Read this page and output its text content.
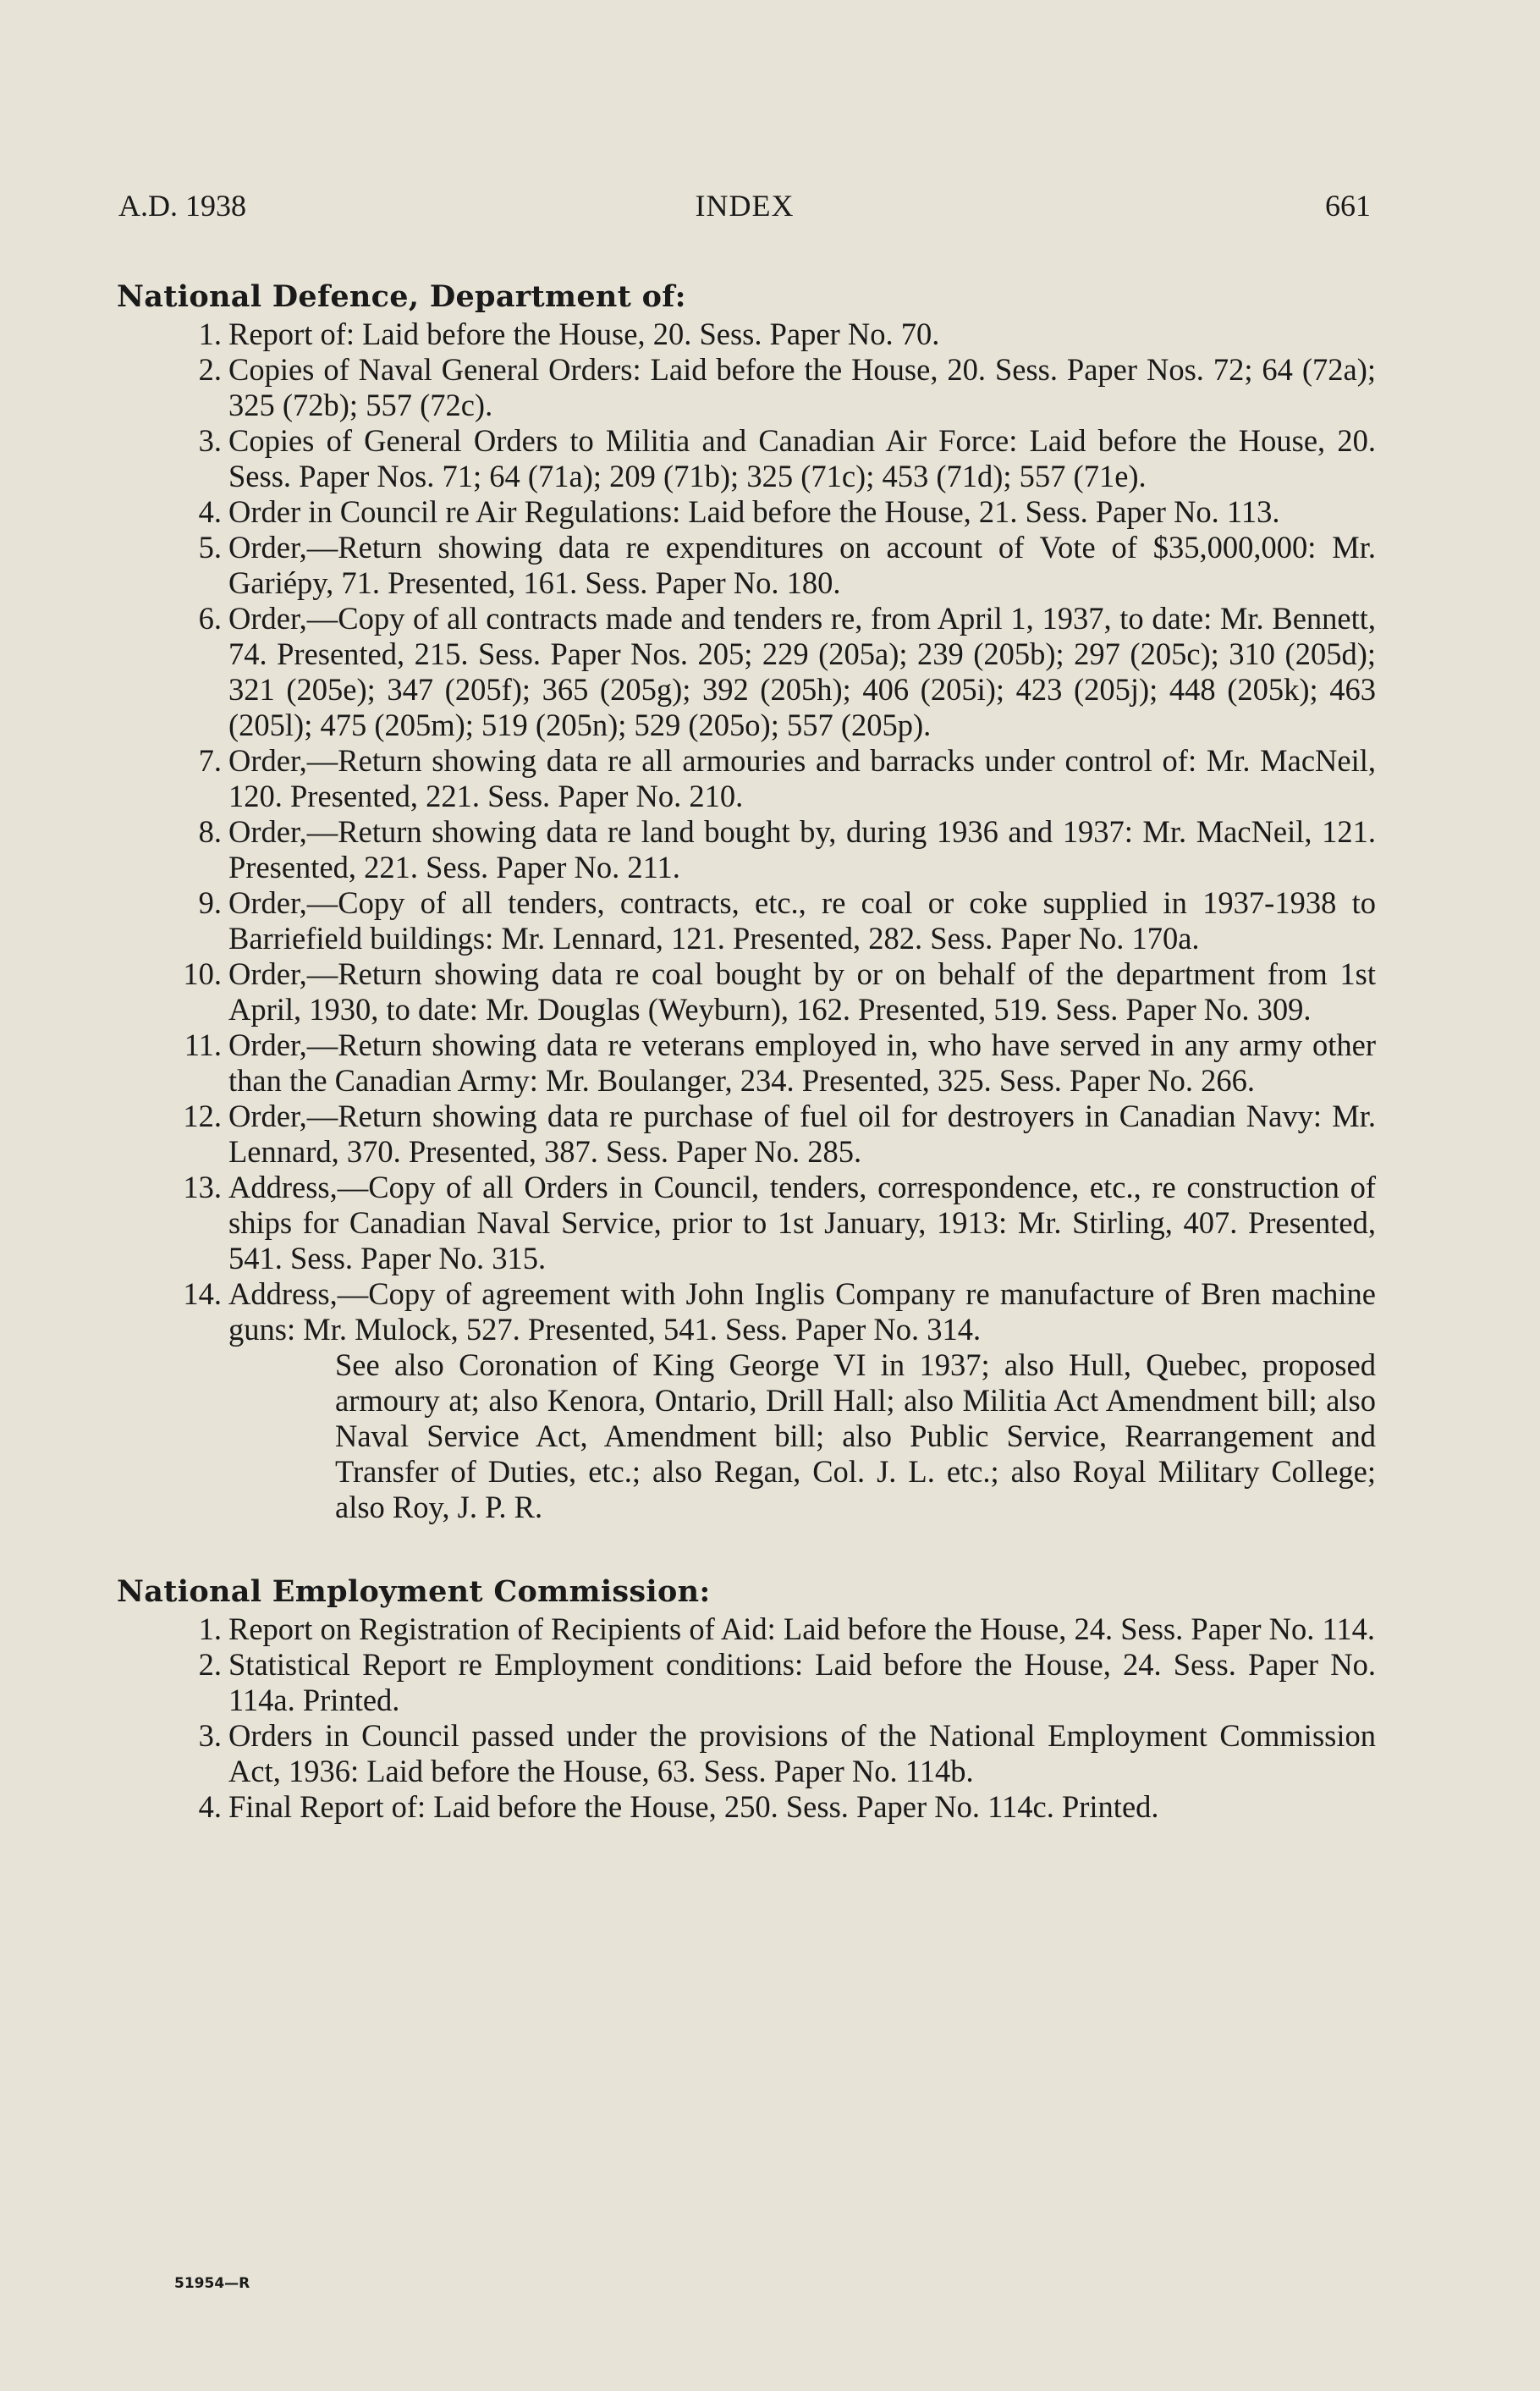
A.D. 1938	INDEX	661
National Defence, Department of:
1. Report of: Laid before the House, 20. Sess. Paper No. 70.
2. Copies of Naval General Orders: Laid before the House, 20. Sess. Paper Nos. 72; 64 (72a); 325 (72b); 557 (72c).
3. Copies of General Orders to Militia and Canadian Air Force: Laid before the House, 20. Sess. Paper Nos. 71; 64 (71a); 209 (71b); 325 (71c); 453 (71d); 557 (71e).
4. Order in Council re Air Regulations: Laid before the House, 21. Sess. Paper No. 113.
5. Order,—Return showing data re expenditures on account of Vote of $35,000,000: Mr. Gariépy, 71. Presented, 161. Sess. Paper No. 180.
6. Order,—Copy of all contracts made and tenders re, from April 1, 1937, to date: Mr. Bennett, 74. Presented, 215. Sess. Paper Nos. 205; 229 (205a); 239 (205b); 297 (205c); 310 (205d); 321 (205e); 347 (205f); 365 (205g); 392 (205h); 406 (205i); 423 (205j); 448 (205k); 463 (205l); 475 (205m); 519 (205n); 529 (205o); 557 (205p).
7. Order,—Return showing data re all armouries and barracks under control of: Mr. MacNeil, 120. Presented, 221. Sess. Paper No. 210.
8. Order,—Return showing data re land bought by, during 1936 and 1937: Mr. MacNeil, 121. Presented, 221. Sess. Paper No. 211.
9. Order,—Copy of all tenders, contracts, etc., re coal or coke supplied in 1937-1938 to Barriefield buildings: Mr. Lennard, 121. Presented, 282. Sess. Paper No. 170a.
10. Order,—Return showing data re coal bought by or on behalf of the department from 1st April, 1930, to date: Mr. Douglas (Weyburn), 162. Presented, 519. Sess. Paper No. 309.
11. Order,—Return showing data re veterans employed in, who have served in any army other than the Canadian Army: Mr. Boulanger, 234. Presented, 325. Sess. Paper No. 266.
12. Order,—Return showing data re purchase of fuel oil for destroyers in Canadian Navy: Mr. Lennard, 370. Presented, 387. Sess. Paper No. 285.
13. Address,—Copy of all Orders in Council, tenders, correspondence, etc., re construction of ships for Canadian Naval Service, prior to 1st January, 1913: Mr. Stirling, 407. Presented, 541. Sess. Paper No. 315.
14. Address,—Copy of agreement with John Inglis Company re manufacture of Bren machine guns: Mr. Mulock, 527. Presented, 541. Sess. Paper No. 314.
See also Coronation of King George VI in 1937; also Hull, Quebec, proposed armoury at; also Kenora, Ontario, Drill Hall; also Militia Act Amendment bill; also Naval Service Act, Amendment bill; also Public Service, Rearrangement and Transfer of Duties, etc.; also Regan, Col. J. L. etc.; also Royal Military College; also Roy, J. P. R.
National Employment Commission:
1. Report on Registration of Recipients of Aid: Laid before the House, 24. Sess. Paper No. 114.
2. Statistical Report re Employment conditions: Laid before the House, 24. Sess. Paper No. 114a. Printed.
3. Orders in Council passed under the provisions of the National Employment Commission Act, 1936: Laid before the House, 63. Sess. Paper No. 114b.
4. Final Report of: Laid before the House, 250. Sess. Paper No. 114c. Printed.
51954—R
